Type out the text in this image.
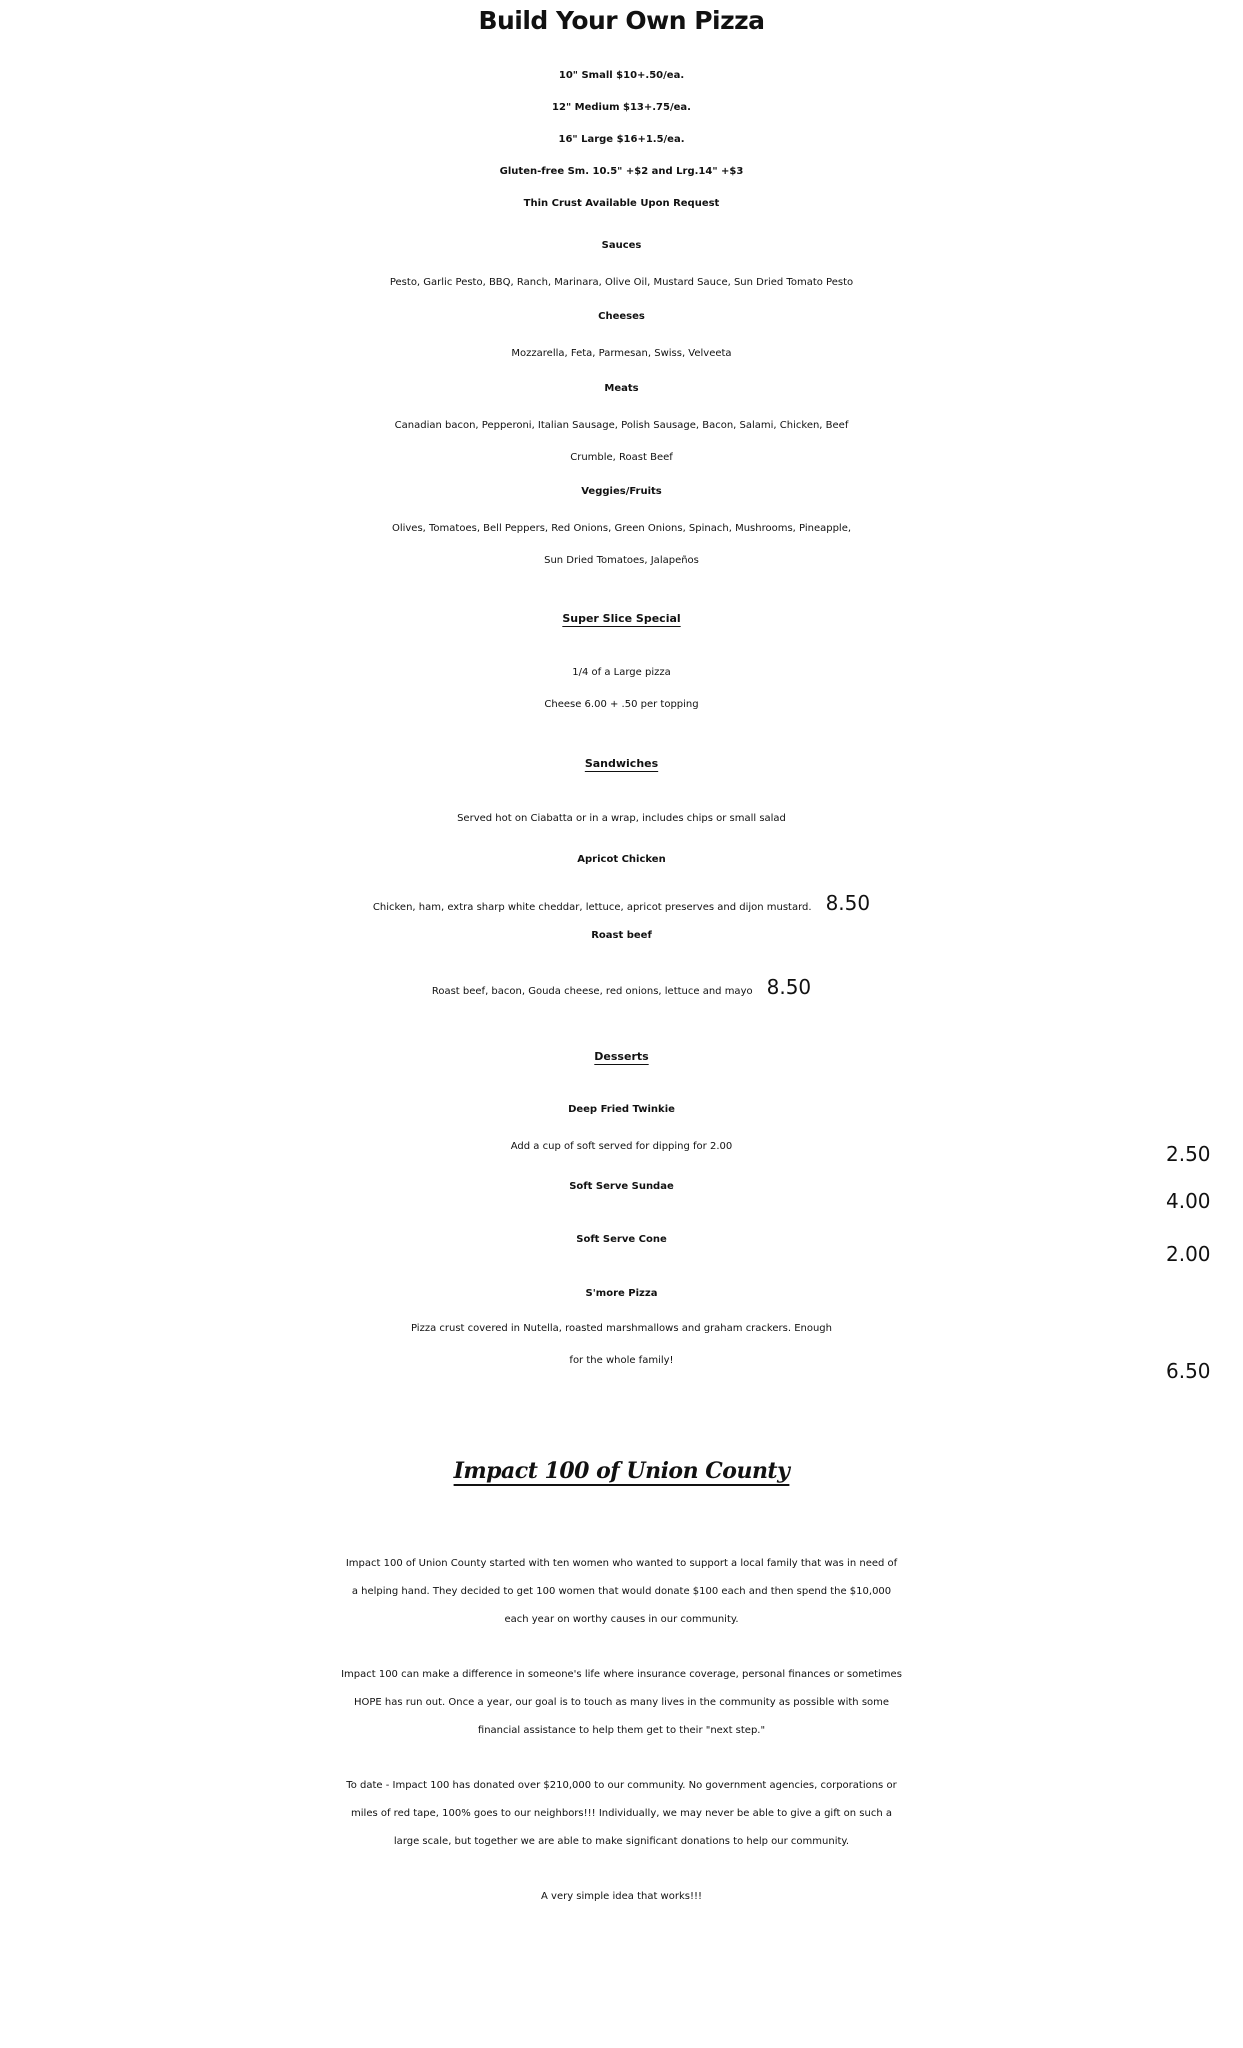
Build Your Own Pizza
10" Small $10+.50/ea.
12" Medium $13+.75/ea.
16" Large $16+1.5/ea.
Gluten-free Sm. 10.5" +$2 and Lrg.14" +$3
Thin Crust Available Upon Request
Sauces
Pesto, Garlic Pesto, BBQ, Ranch, Marinara, Olive Oil, Mustard Sauce, Sun Dried Tomato Pesto
Cheeses
Mozzarella, Feta, Parmesan, Swiss, Velveeta
Meats
Canadian bacon, Pepperoni, Italian Sausage, Polish Sausage, Bacon, Salami, Chicken, Beef
Crumble, Roast Beef
Veggies/Fruits
Olives, Tomatoes, Bell Peppers, Red Onions, Green Onions, Spinach, Mushrooms, Pineapple,
Sun Dried Tomatoes, Jalapeños
Super Slice Special
1/4 of a Large pizza
Cheese 6.00 + .50 per topping
Sandwiches
Served hot on Ciabatta or in a wrap, includes chips or small salad
Apricot Chicken
Chicken, ham, extra sharp white cheddar, lettuce, apricot preserves and dijon mustard. 8.50
Roast beef
Roast beef, bacon, Gouda cheese, red onions, lettuce and mayo 8.50
Desserts
Deep Fried Twinkie
Add a cup of soft served for dipping for 2.00	2.50
Soft Serve Sundae
4.00
Soft Serve Cone
2.00
S'more Pizza
Pizza crust covered in Nutella, roasted marshmallows and graham crackers. Enough
for the whole family!	6.50
Impact 100 of Union County
Impact 100 of Union County started with ten women who wanted to support a local family that was in need of
a helping hand. They decided to get 100 women that would donate $100 each and then spend the $10,000
each year on worthy causes in our community.
Impact 100 can make a difference in someone's life where insurance coverage, personal finances or sometimes
HOPE has run out. Once a year, our goal is to touch as many lives in the community as possible with some
financial assistance to help them get to their "next step."
To date - Impact 100 has donated over $210,000 to our community. No government agencies, corporations or
miles of red tape, 100% goes to our neighbors!!! Individually, we may never be able to give a gift on such a
large scale, but together we are able to make significant donations to help our community.
A very simple idea that works!!!
